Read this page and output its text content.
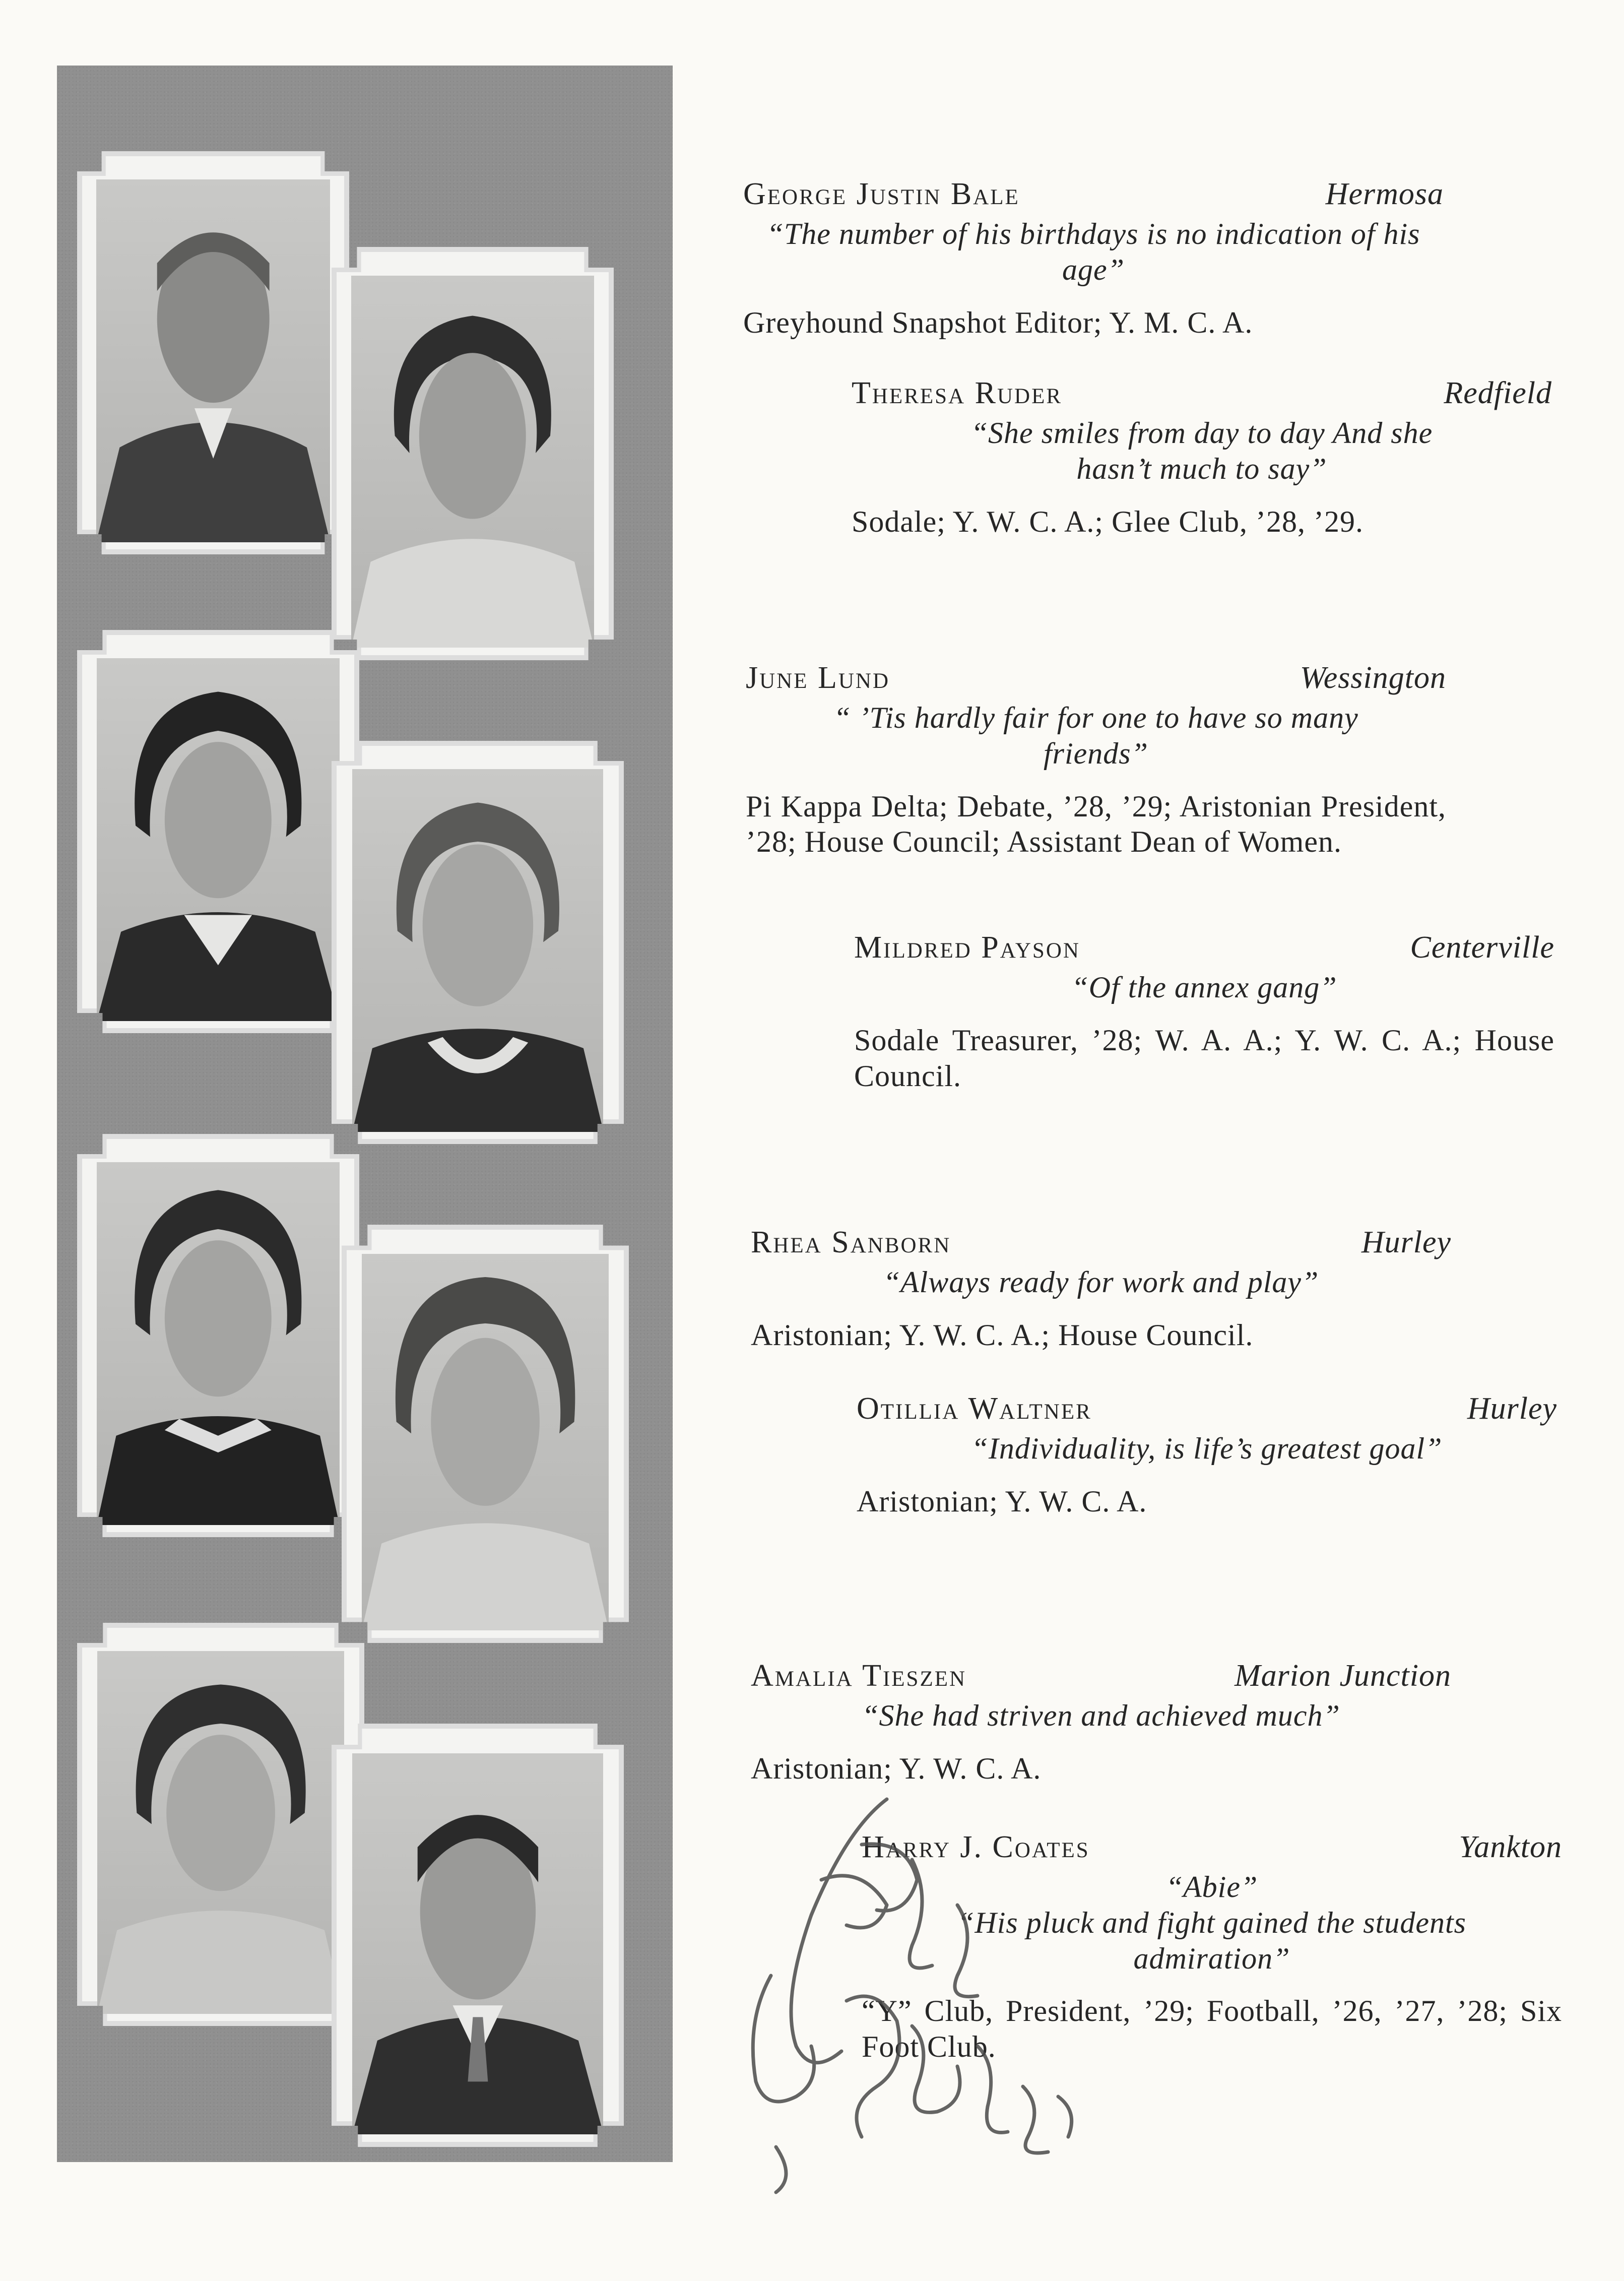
George Justin Bale	Hermosa
“The number of his birthdays is no indication of his age”
Greyhound Snapshot Editor; Y. M. C. A.
Theresa Ruder	Redfield
“She smiles from day to day And she hasn’t much to say”
Sodale; Y. W. C. A.; Glee Club, ’28, ’29.
June Lund	Wessington
“ ’Tis hardly fair for one to have so many friends”
Pi Kappa Delta; Debate, ’28, ’29; Aristonian President, ’28; House Council; Assistant Dean of Women.
Mildred Payson	Centerville
“Of the annex gang”
Sodale Treasurer, ’28; W. A. A.; Y. W. C. A.; House Council.
Rhea Sanborn	Hurley
“Always ready for work and play”
Aristonian; Y. W. C. A.; House Council.
Otillia Waltner	Hurley
“Individuality, is life’s greatest goal”
Aristonian; Y. W. C. A.
Amalia Tieszen	Marion Junction
“She had striven and achieved much”
Aristonian; Y. W. C. A.
Harry J. Coates	Yankton
“Abie”
“His pluck and fight gained the students admiration”
“Y” Club, President, ’29; Football, ’26, ’27, ’28; Six Foot Club.
